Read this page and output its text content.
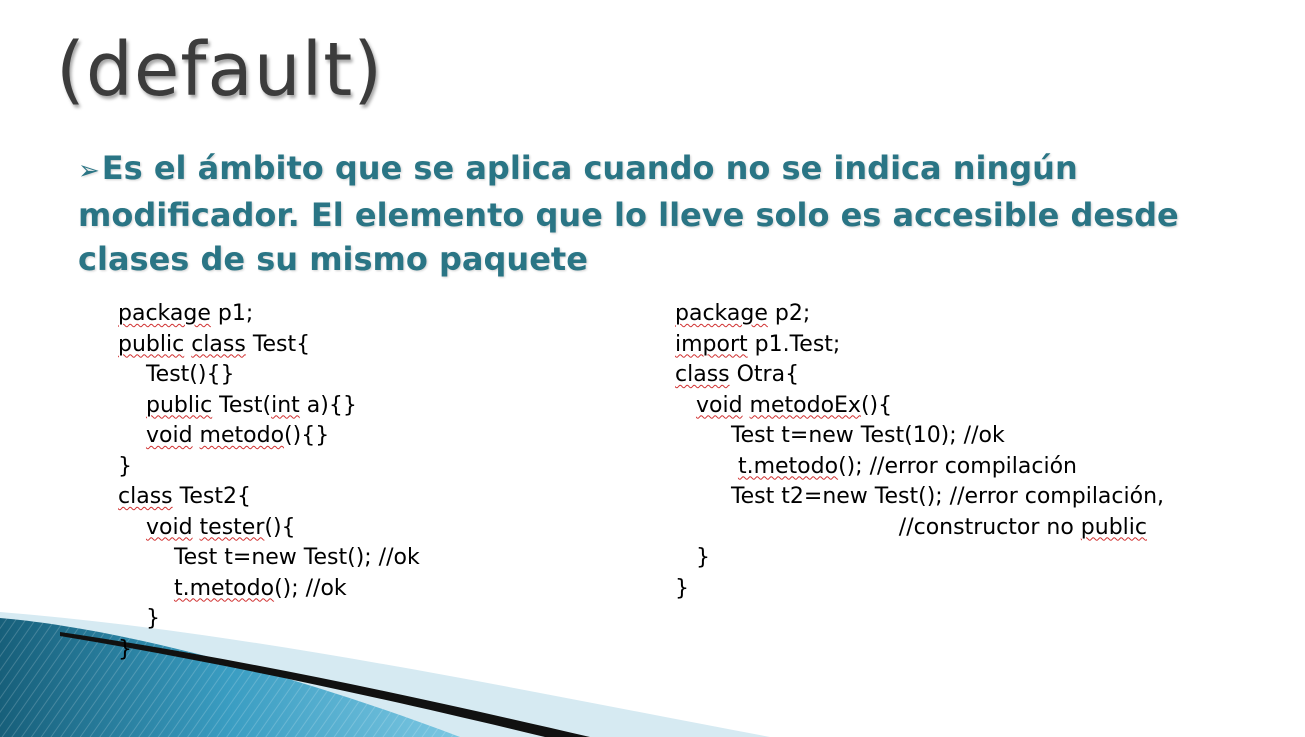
(default)

➢Es el ámbito que se aplica cuando no se indica ningún modificador. El elemento que lo lleve solo es accesible desde clases de su mismo paquete

package p1;
public class Test{
Test(){}
public Test(int a){}
void metodo(){}
}
class Test2{
void tester(){
Test t=new Test(); //ok
t.metodo(); //ok
}
}
package p2;
import p1.Test;
class Otra{
void metodoEx(){
Test t=new Test(10); //ok
t.metodo(); //error compilación
Test t2=new Test(); //error compilación,
//constructor no public
}
}
